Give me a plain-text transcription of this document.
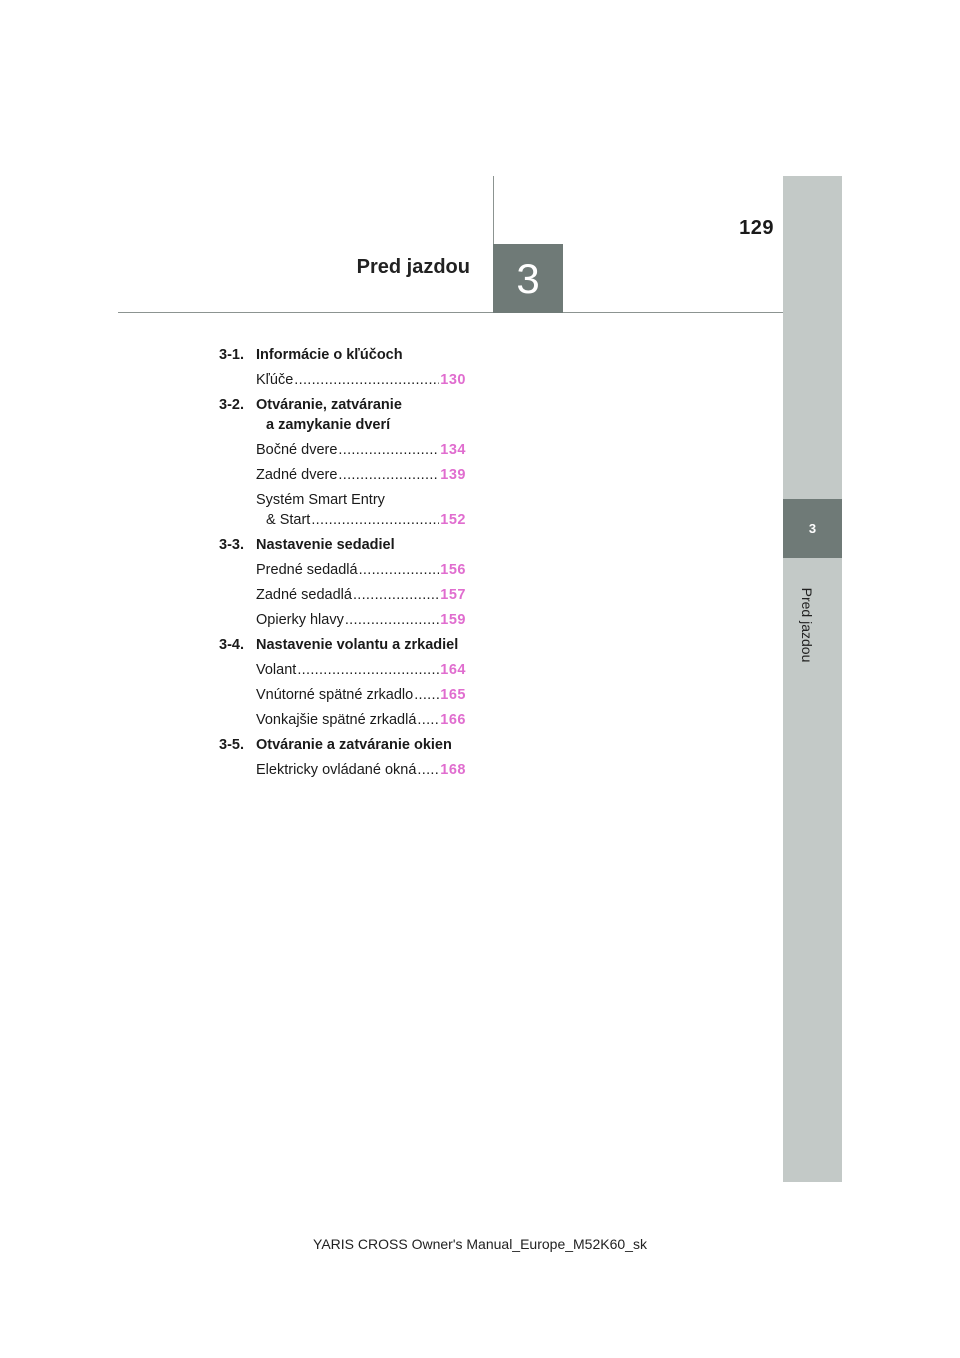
3
Pred jazdou
3
Pred jazdou
129
3-1. Informácie o kľúčoch
Kľúče .....	130
3-2. Otváranie, zatváranie
a zamykanie dverí
Bočné dvere .....	134
Zadné dvere .....	139
Systém Smart Entry
& Start .....	152
3-3. Nastavenie sedadiel
Predné sedadlá .....	156
Zadné sedadlá .....	157
Opierky hlavy .....	159
3-4. Nastavenie volantu a zrkadiel
Volant .....	164
Vnútorné spätné zrkadlo ..... 165
Vonkajšie spätné zrkadlá ..... 166
3-5. Otváranie a zatváranie okien
Elektricky ovládané okná ..... 168
YARIS CROSS Owner's Manual_Europe_M52K60_sk
